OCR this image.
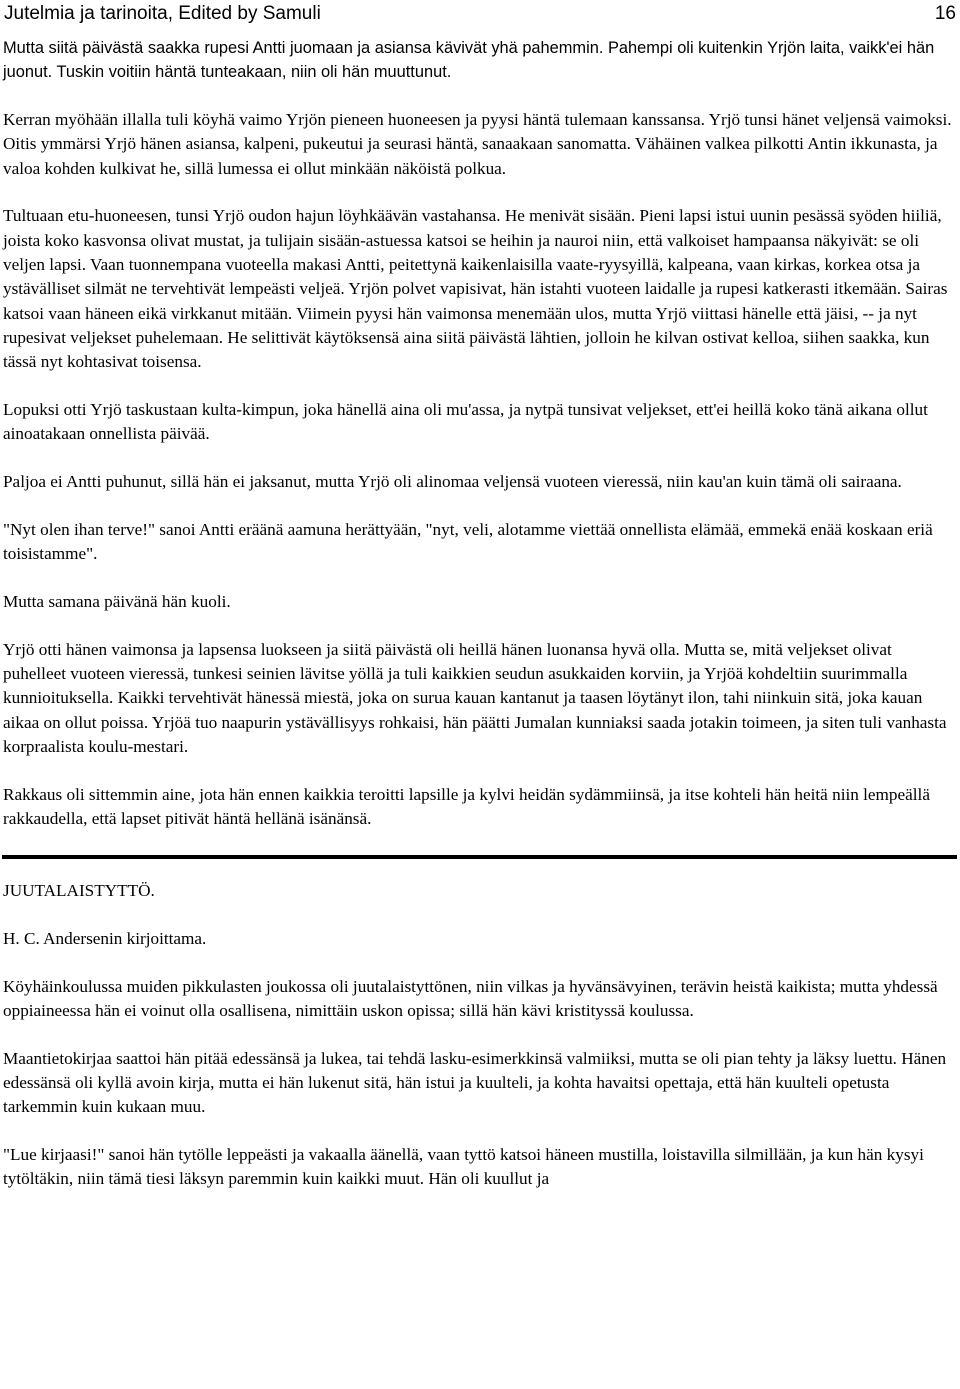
Jutelmia ja tarinoita, Edited by Samuli	16

Mutta siitä päivästä saakka rupesi Antti juomaan ja asiansa kävivät yhä pahemmin. Pahempi oli kuitenkin Yrjön laita, vaikk'ei hän juonut. Tuskin voitiin häntä tunteakaan, niin oli hän muuttunut.

Kerran myöhään illalla tuli köyhä vaimo Yrjön pieneen huoneesen ja pyysi häntä tulemaan kanssansa. Yrjö tunsi hänet veljensä vaimoksi. Oitis ymmärsi Yrjö hänen asiansa, kalpeni, pukeutui ja seurasi häntä, sanaakaan sanomatta. Vähäinen valkea pilkotti Antin ikkunasta, ja valoa kohden kulkivat he, sillä lumessa ei ollut minkään näköistä polkua.

Tultuaan etu-huoneesen, tunsi Yrjö oudon hajun löyhkäävän vastahansa. He menivät sisään. Pieni lapsi istui uunin pesässä syöden hiiliä, joista koko kasvonsa olivat mustat, ja tulijain sisään-astuessa katsoi se heihin ja nauroi niin, että valkoiset hampaansa näkyivät: se oli veljen lapsi. Vaan tuonnempana vuoteella makasi Antti, peitettynä kaikenlaisilla vaate-ryysyillä, kalpeana, vaan kirkas, korkea otsa ja ystävälliset silmät ne tervehtivät lempeästi veljeä. Yrjön polvet vapisivat, hän istahti vuoteen laidalle ja rupesi katkerasti itkemään. Sairas katsoi vaan häneen eikä virkkanut mitään. Viimein pyysi hän vaimonsa menemään ulos, mutta Yrjö viittasi hänelle että jäisi, -- ja nyt rupesivat veljekset puhelemaan. He selittivät käytöksensä aina siitä päivästä lähtien, jolloin he kilvan ostivat kelloa, siihen saakka, kun tässä nyt kohtasivat toisensa.

Lopuksi otti Yrjö taskustaan kulta-kimpun, joka hänellä aina oli mu'assa, ja nytpä tunsivat veljekset, ett'ei heillä koko tänä aikana ollut ainoatakaan onnellista päivää.

Paljoa ei Antti puhunut, sillä hän ei jaksanut, mutta Yrjö oli alinomaa veljensä vuoteen vieressä, niin kau'an kuin tämä oli sairaana.

"Nyt olen ihan terve!" sanoi Antti eräänä aamuna herättyään, "nyt, veli, alotamme viettää onnellista elämää, emmekä enää koskaan eriä toisistamme".

Mutta samana päivänä hän kuoli.

Yrjö otti hänen vaimonsa ja lapsensa luokseen ja siitä päivästä oli heillä hänen luonansa hyvä olla. Mutta se, mitä veljekset olivat puhelleet vuoteen vieressä, tunkesi seinien lävitse yöllä ja tuli kaikkien seudun asukkaiden korviin, ja Yrjöä kohdeltiin suurimmalla kunnioituksella. Kaikki tervehtivät hänessä miestä, joka on surua kauan kantanut ja taasen löytänyt ilon, tahi niinkuin sitä, joka kauan aikaa on ollut poissa. Yrjöä tuo naapurin ystävällisyys rohkaisi, hän päätti Jumalan kunniaksi saada jotakin toimeen, ja siten tuli vanhasta korpraalista koulu-mestari.

Rakkaus oli sittemmin aine, jota hän ennen kaikkia teroitti lapsille ja kylvi heidän sydämmiinsä, ja itse kohteli hän heitä niin lempeällä rakkaudella, että lapset pitivät häntä hellänä isänänsä.

JUUTALAISTYTTÖ.

H. C. Andersenin kirjoittama.

Köyhäinkoulussa muiden pikkulasten joukossa oli juutalaistyttönen, niin vilkas ja hyvänsävyinen, terävin heistä kaikista; mutta yhdessä oppiaineessa hän ei voinut olla osallisena, nimittäin uskon opissa; sillä hän kävi kristityssä koulussa.

Maantietokirjaa saattoi hän pitää edessänsä ja lukea, tai tehdä lasku-esimerkkinsä valmiiksi, mutta se oli pian tehty ja läksy luettu. Hänen edessänsä oli kyllä avoin kirja, mutta ei hän lukenut sitä, hän istui ja kuulteli, ja kohta havaitsi opettaja, että hän kuulteli opetusta tarkemmin kuin kukaan muu.

"Lue kirjaasi!" sanoi hän tytölle leppeästi ja vakaalla äänellä, vaan tyttö katsoi häneen mustilla, loistavilla silmillään, ja kun hän kysyi tytöltäkin, niin tämä tiesi läksyn paremmin kuin kaikki muut. Hän oli kuullut ja
